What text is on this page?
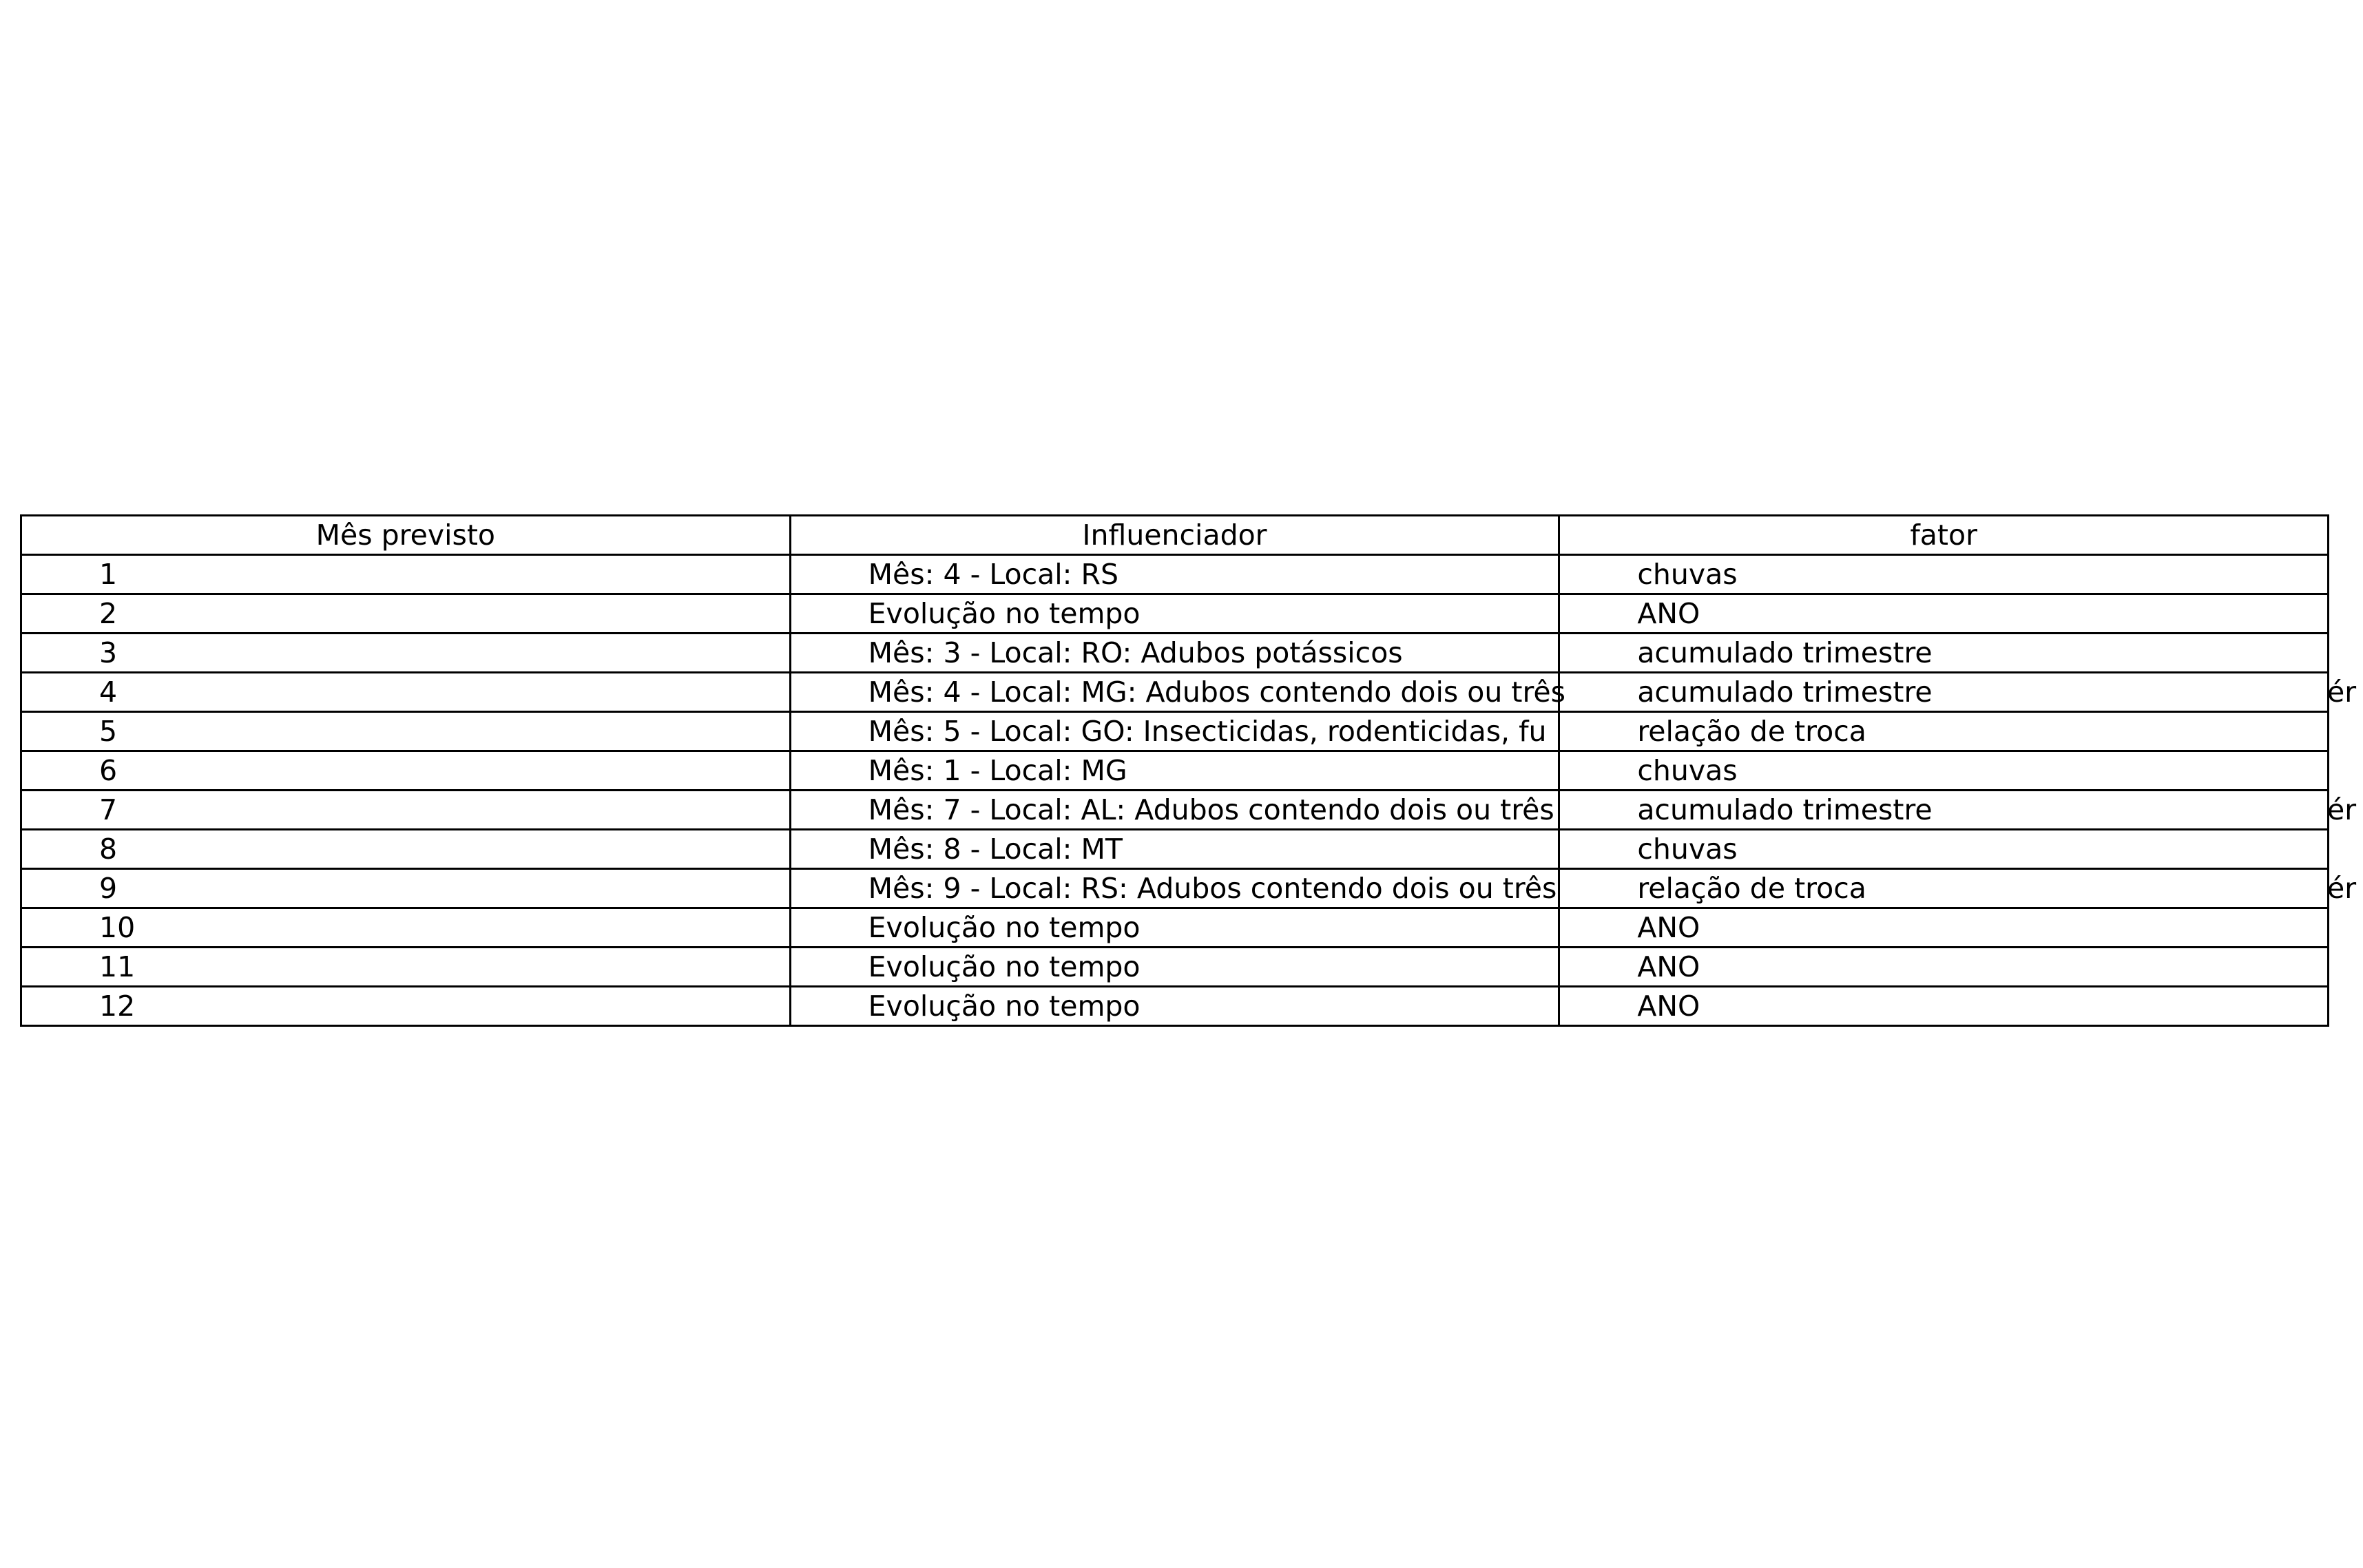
Mês previsto	Influenciador	fator
1	Mês: 4 - Local: RS	chuvas

2	Evolução no tempo	ANO

3	Mês: 3 - Local: RO: Adubos potássicos	acumulado trimestre

4	Mês: 4 - Local: MG: Adubos contendo dois ou três	acumulado trimestre ér

5	Mês: 5 - Local: GO: Insecticidas, rodenticidas, fu	relação de troca

6	Mês: 1 - Local: MG	chuvas

7	Mês: 7 - Local: AL: Adubos contendo dois ou três	acumulado trimestre ér

8	Mês: 8 - Local: MT	chuvas

9	Mês: 9 - Local: RS: Adubos contendo dois ou três	relação de troca ér

10	Evolução no tempo	ANO

11	Evolução no tempo	ANO

12	Evolução no tempo	ANO
